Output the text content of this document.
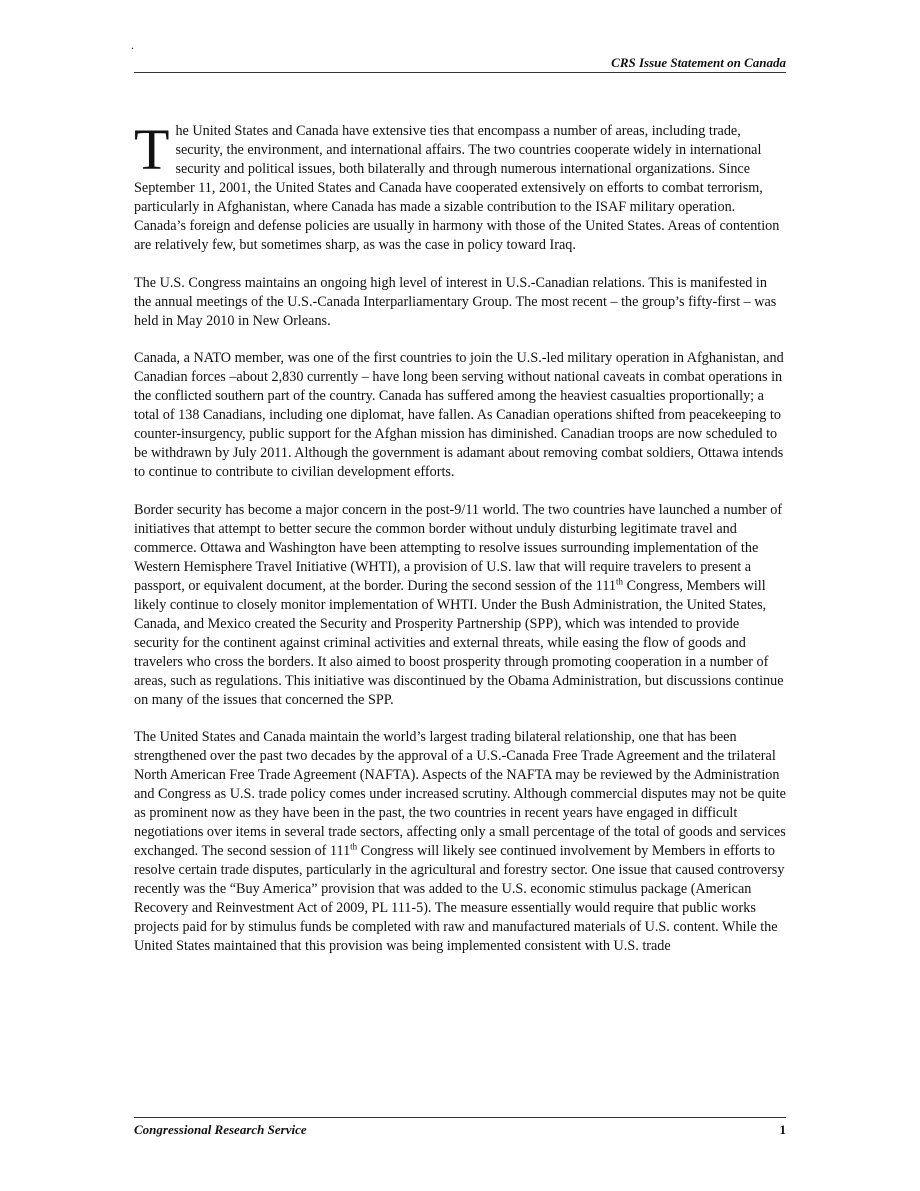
.
CRS Issue Statement on Canada

The United States and Canada have extensive ties that encompass a number of areas, including trade, security, the environment, and international affairs. The two countries cooperate widely in international security and political issues, both bilaterally and through numerous international organizations. Since September 11, 2001, the United States and Canada have cooperated extensively on efforts to combat terrorism, particularly in Afghanistan, where Canada has made a sizable contribution to the ISAF military operation. Canada’s foreign and defense policies are usually in harmony with those of the United States. Areas of contention are relatively few, but sometimes sharp, as was the case in policy toward Iraq.

The U.S. Congress maintains an ongoing high level of interest in U.S.-Canadian relations. This is manifested in the annual meetings of the U.S.-Canada Interparliamentary Group. The most recent – the group’s fifty-first – was held in May 2010 in New Orleans.

Canada, a NATO member, was one of the first countries to join the U.S.-led military operation in Afghanistan, and Canadian forces –about 2,830 currently – have long been serving without national caveats in combat operations in the conflicted southern part of the country. Canada has suffered among the heaviest casualties proportionally; a total of 138 Canadians, including one diplomat, have fallen. As Canadian operations shifted from peacekeeping to counter-insurgency, public support for the Afghan mission has diminished. Canadian troops are now scheduled to be withdrawn by July 2011. Although the government is adamant about removing combat soldiers, Ottawa intends to continue to contribute to civilian development efforts.

Border security has become a major concern in the post-9/11 world. The two countries have launched a number of initiatives that attempt to better secure the common border without unduly disturbing legitimate travel and commerce. Ottawa and Washington have been attempting to resolve issues surrounding implementation of the Western Hemisphere Travel Initiative (WHTI), a provision of U.S. law that will require travelers to present a passport, or equivalent document, at the border. During the second session of the 111th Congress, Members will likely continue to closely monitor implementation of WHTI. Under the Bush Administration, the United States, Canada, and Mexico created the Security and Prosperity Partnership (SPP), which was intended to provide security for the continent against criminal activities and external threats, while easing the flow of goods and travelers who cross the borders. It also aimed to boost prosperity through promoting cooperation in a number of areas, such as regulations. This initiative was discontinued by the Obama Administration, but discussions continue on many of the issues that concerned the SPP.

The United States and Canada maintain the world’s largest trading bilateral relationship, one that has been strengthened over the past two decades by the approval of a U.S.-Canada Free Trade Agreement and the trilateral North American Free Trade Agreement (NAFTA). Aspects of the NAFTA may be reviewed by the Administration and Congress as U.S. trade policy comes under increased scrutiny. Although commercial disputes may not be quite as prominent now as they have been in the past, the two countries in recent years have engaged in difficult negotiations over items in several trade sectors, affecting only a small percentage of the total of goods and services exchanged. The second session of 111th Congress will likely see continued involvement by Members in efforts to resolve certain trade disputes, particularly in the agricultural and forestry sector. One issue that caused controversy recently was the “Buy America” provision that was added to the U.S. economic stimulus package (American Recovery and Reinvestment Act of 2009, PL 111-5). The measure essentially would require that public works projects paid for by stimulus funds be completed with raw and manufactured materials of U.S. content. While the United States maintained that this provision was being implemented consistent with U.S. trade

Congressional Research Service	1
